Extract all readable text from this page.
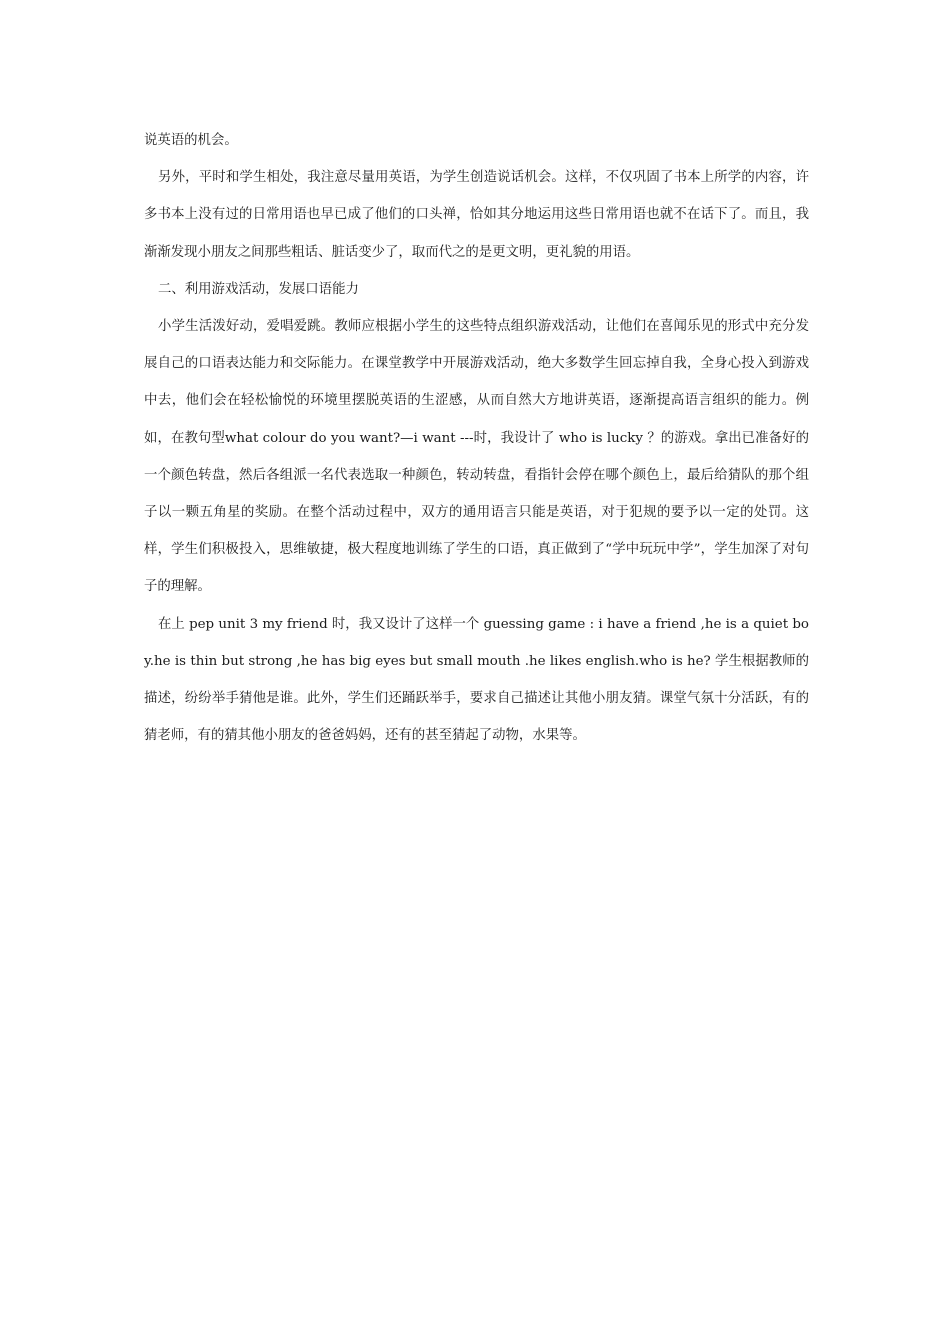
说英语的机会。

另外，平时和学生相处，我注意尽量用英语，为学生创造说话机会。这样，不仅巩固了书本上所学的内容，许多书本上没有过的日常用语也早已成了他们的口头禅，恰如其分地运用这些日常用语也就不在话下了。而且，我渐渐发现小朋友之间那些粗话、脏话变少了，取而代之的是更文明，更礼貌的用语。

二、利用游戏活动，发展口语能力

小学生活泼好动，爱唱爱跳。教师应根据小学生的这些特点组织游戏活动，让他们在喜闻乐见的形式中充分发展自己的口语表达能力和交际能力。在课堂教学中开展游戏活动，绝大多数学生回忘掉自我，全身心投入到游戏中去，他们会在轻松愉悦的环境里摆脱英语的生涩感，从而自然大方地讲英语，逐渐提高语言组织的能力。例如，在教句型what colour do you want?—i want ---时，我设计了 who is lucky ？的游戏。拿出已准备好的一个颜色转盘，然后各组派一名代表选取一种颜色，转动转盘，看指针会停在哪个颜色上，最后给猜队的那个组子以一颗五角星的奖励。在整个活动过程中，双方的通用语言只能是英语，对于犯规的要予以一定的处罚。这样，学生们积极投入，思维敏捷，极大程度地训练了学生的口语，真正做到了“学中玩玩中学”，学生加深了对句子的理解。

在上 pep unit 3 my friend 时，我又设计了这样一个 guessing game : i have a friend ,he is a quiet boy.he is thin but strong ,he has big eyes but small mouth .he likes english.who is he? 学生根据教师的描述，纷纷举手猜他是谁。此外，学生们还踊跃举手，要求自己描述让其他小朋友猜。课堂气氛十分活跃，有的猜老师，有的猜其他小朋友的爸爸妈妈，还有的甚至猜起了动物，水果等。
